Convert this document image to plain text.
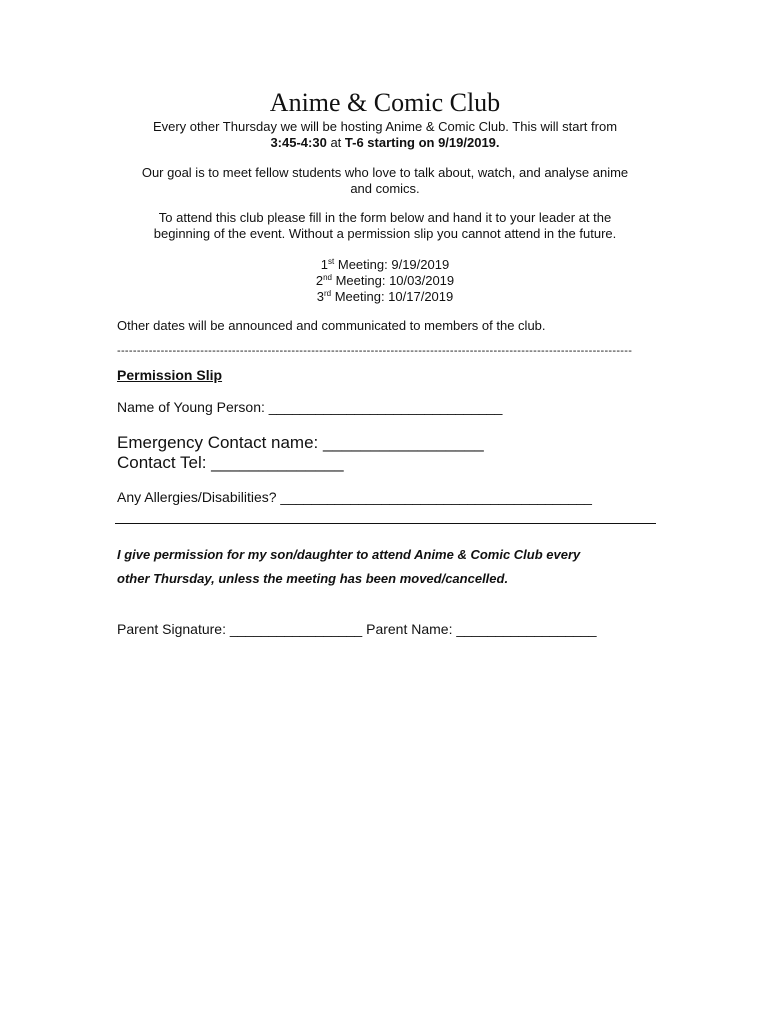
Anime & Comic Club
Every other Thursday we will be hosting Anime & Comic Club. This will start from
3:45-4:30 at T-6 starting on 9/19/2019.
Our goal is to meet fellow students who love to talk about, watch, and analyse anime
and comics.
To attend this club please fill in the form below and hand it to your leader at the
beginning of the event. Without a permission slip you cannot attend in the future.
1st Meeting: 9/19/2019
2nd Meeting: 10/03/2019
3rd Meeting: 10/17/2019
Other dates will be announced and communicated to members of the club.
----------------------------------------------------------------------------------------------------------------------------------
Permission Slip
Name of Young Person: ______________________________
Emergency Contact name: _________________
Contact Tel: ______________
Any Allergies/Disabilities? ________________________________________
I give permission for my son/daughter to attend Anime & Comic Club every
other Thursday, unless the meeting has been moved/cancelled.
Parent Signature: _________________ Parent Name: __________________
